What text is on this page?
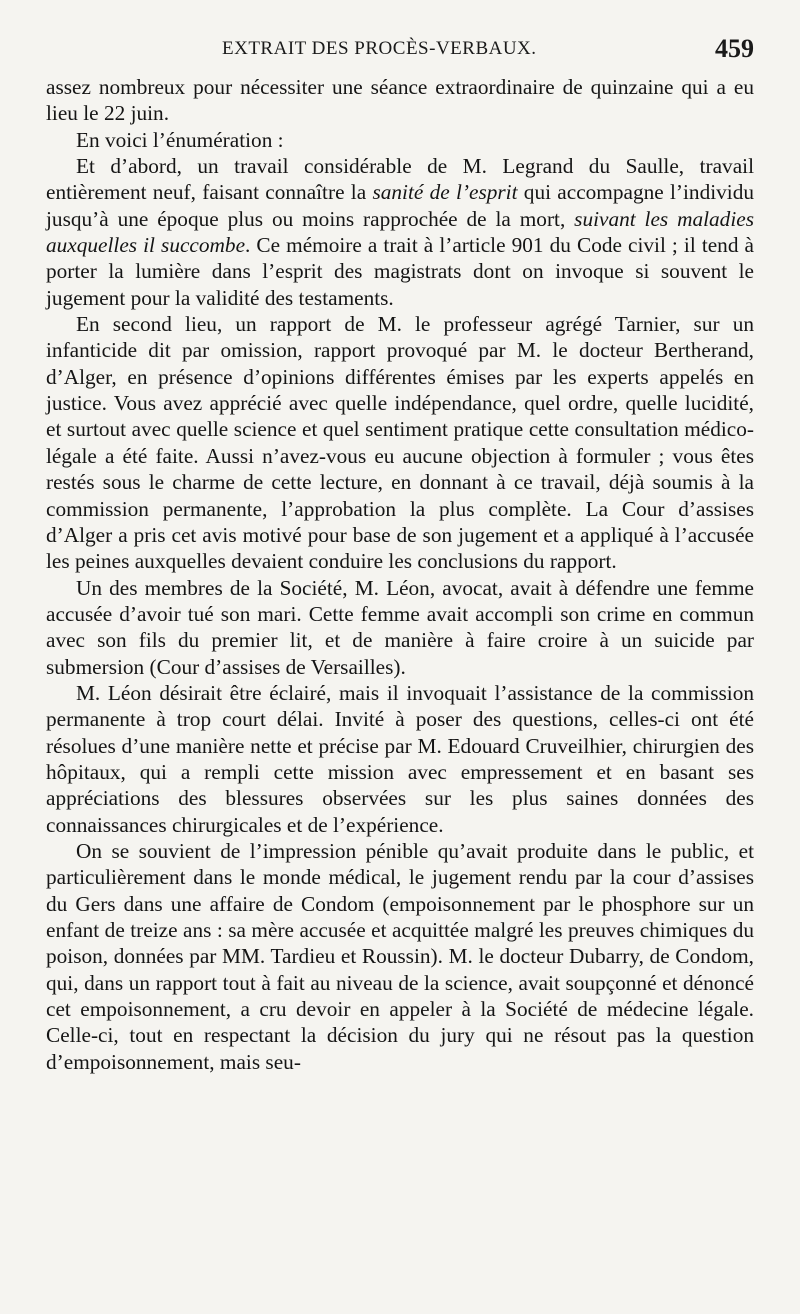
EXTRAIT DES PROCÈS-VERBAUX.	459

assez nombreux pour nécessiter une séance extraordinaire de quinzaine qui a eu lieu le 22 juin.

En voici l’énumération :

Et d’abord, un travail considérable de M. Legrand du Saulle, travail entièrement neuf, faisant connaître la sanité de l’esprit qui accompagne l’individu jusqu’à une époque plus ou moins rapprochée de la mort, suivant les maladies auxquelles il succombe. Ce mémoire a trait à l’article 901 du Code civil ; il tend à porter la lumière dans l’esprit des magistrats dont on invoque si souvent le jugement pour la validité des testaments.

En second lieu, un rapport de M. le professeur agrégé Tarnier, sur un infanticide dit par omission, rapport provoqué par M. le docteur Bertherand, d’Alger, en présence d’opinions différentes émises par les experts appelés en justice. Vous avez apprécié avec quelle indépendance, quel ordre, quelle lucidité, et surtout avec quelle science et quel sentiment pratique cette consultation médico-légale a été faite. Aussi n’avez-vous eu aucune objection à formuler ; vous êtes restés sous le charme de cette lecture, en donnant à ce travail, déjà soumis à la commission permanente, l’approbation la plus complète. La Cour d’assises d’Alger a pris cet avis motivé pour base de son jugement et a appliqué à l’accusée les peines auxquelles devaient conduire les conclusions du rapport.

Un des membres de la Société, M. Léon, avocat, avait à défendre une femme accusée d’avoir tué son mari. Cette femme avait accompli son crime en commun avec son fils du premier lit, et de manière à faire croire à un suicide par submersion (Cour d’assises de Versailles).

M. Léon désirait être éclairé, mais il invoquait l’assistance de la commission permanente à trop court délai. Invité à poser des questions, celles-ci ont été résolues d’une manière nette et précise par M. Edouard Cruveilhier, chirurgien des hôpitaux, qui a rempli cette mission avec empressement et en basant ses appréciations des blessures observées sur les plus saines données des connaissances chirurgicales et de l’expérience.

On se souvient de l’impression pénible qu’avait produite dans le public, et particulièrement dans le monde médical, le jugement rendu par la cour d’assises du Gers dans une affaire de Condom (empoisonnement par le phosphore sur un enfant de treize ans : sa mère accusée et acquittée malgré les preuves chimiques du poison, données par MM. Tardieu et Roussin). M. le docteur Dubarry, de Condom, qui, dans un rapport tout à fait au niveau de la science, avait soupçonné et dénoncé cet empoisonnement, a cru devoir en appeler à la Société de médecine légale. Celle-ci, tout en respectant la décision du jury qui ne résout pas la question d’empoisonnement, mais seu-
